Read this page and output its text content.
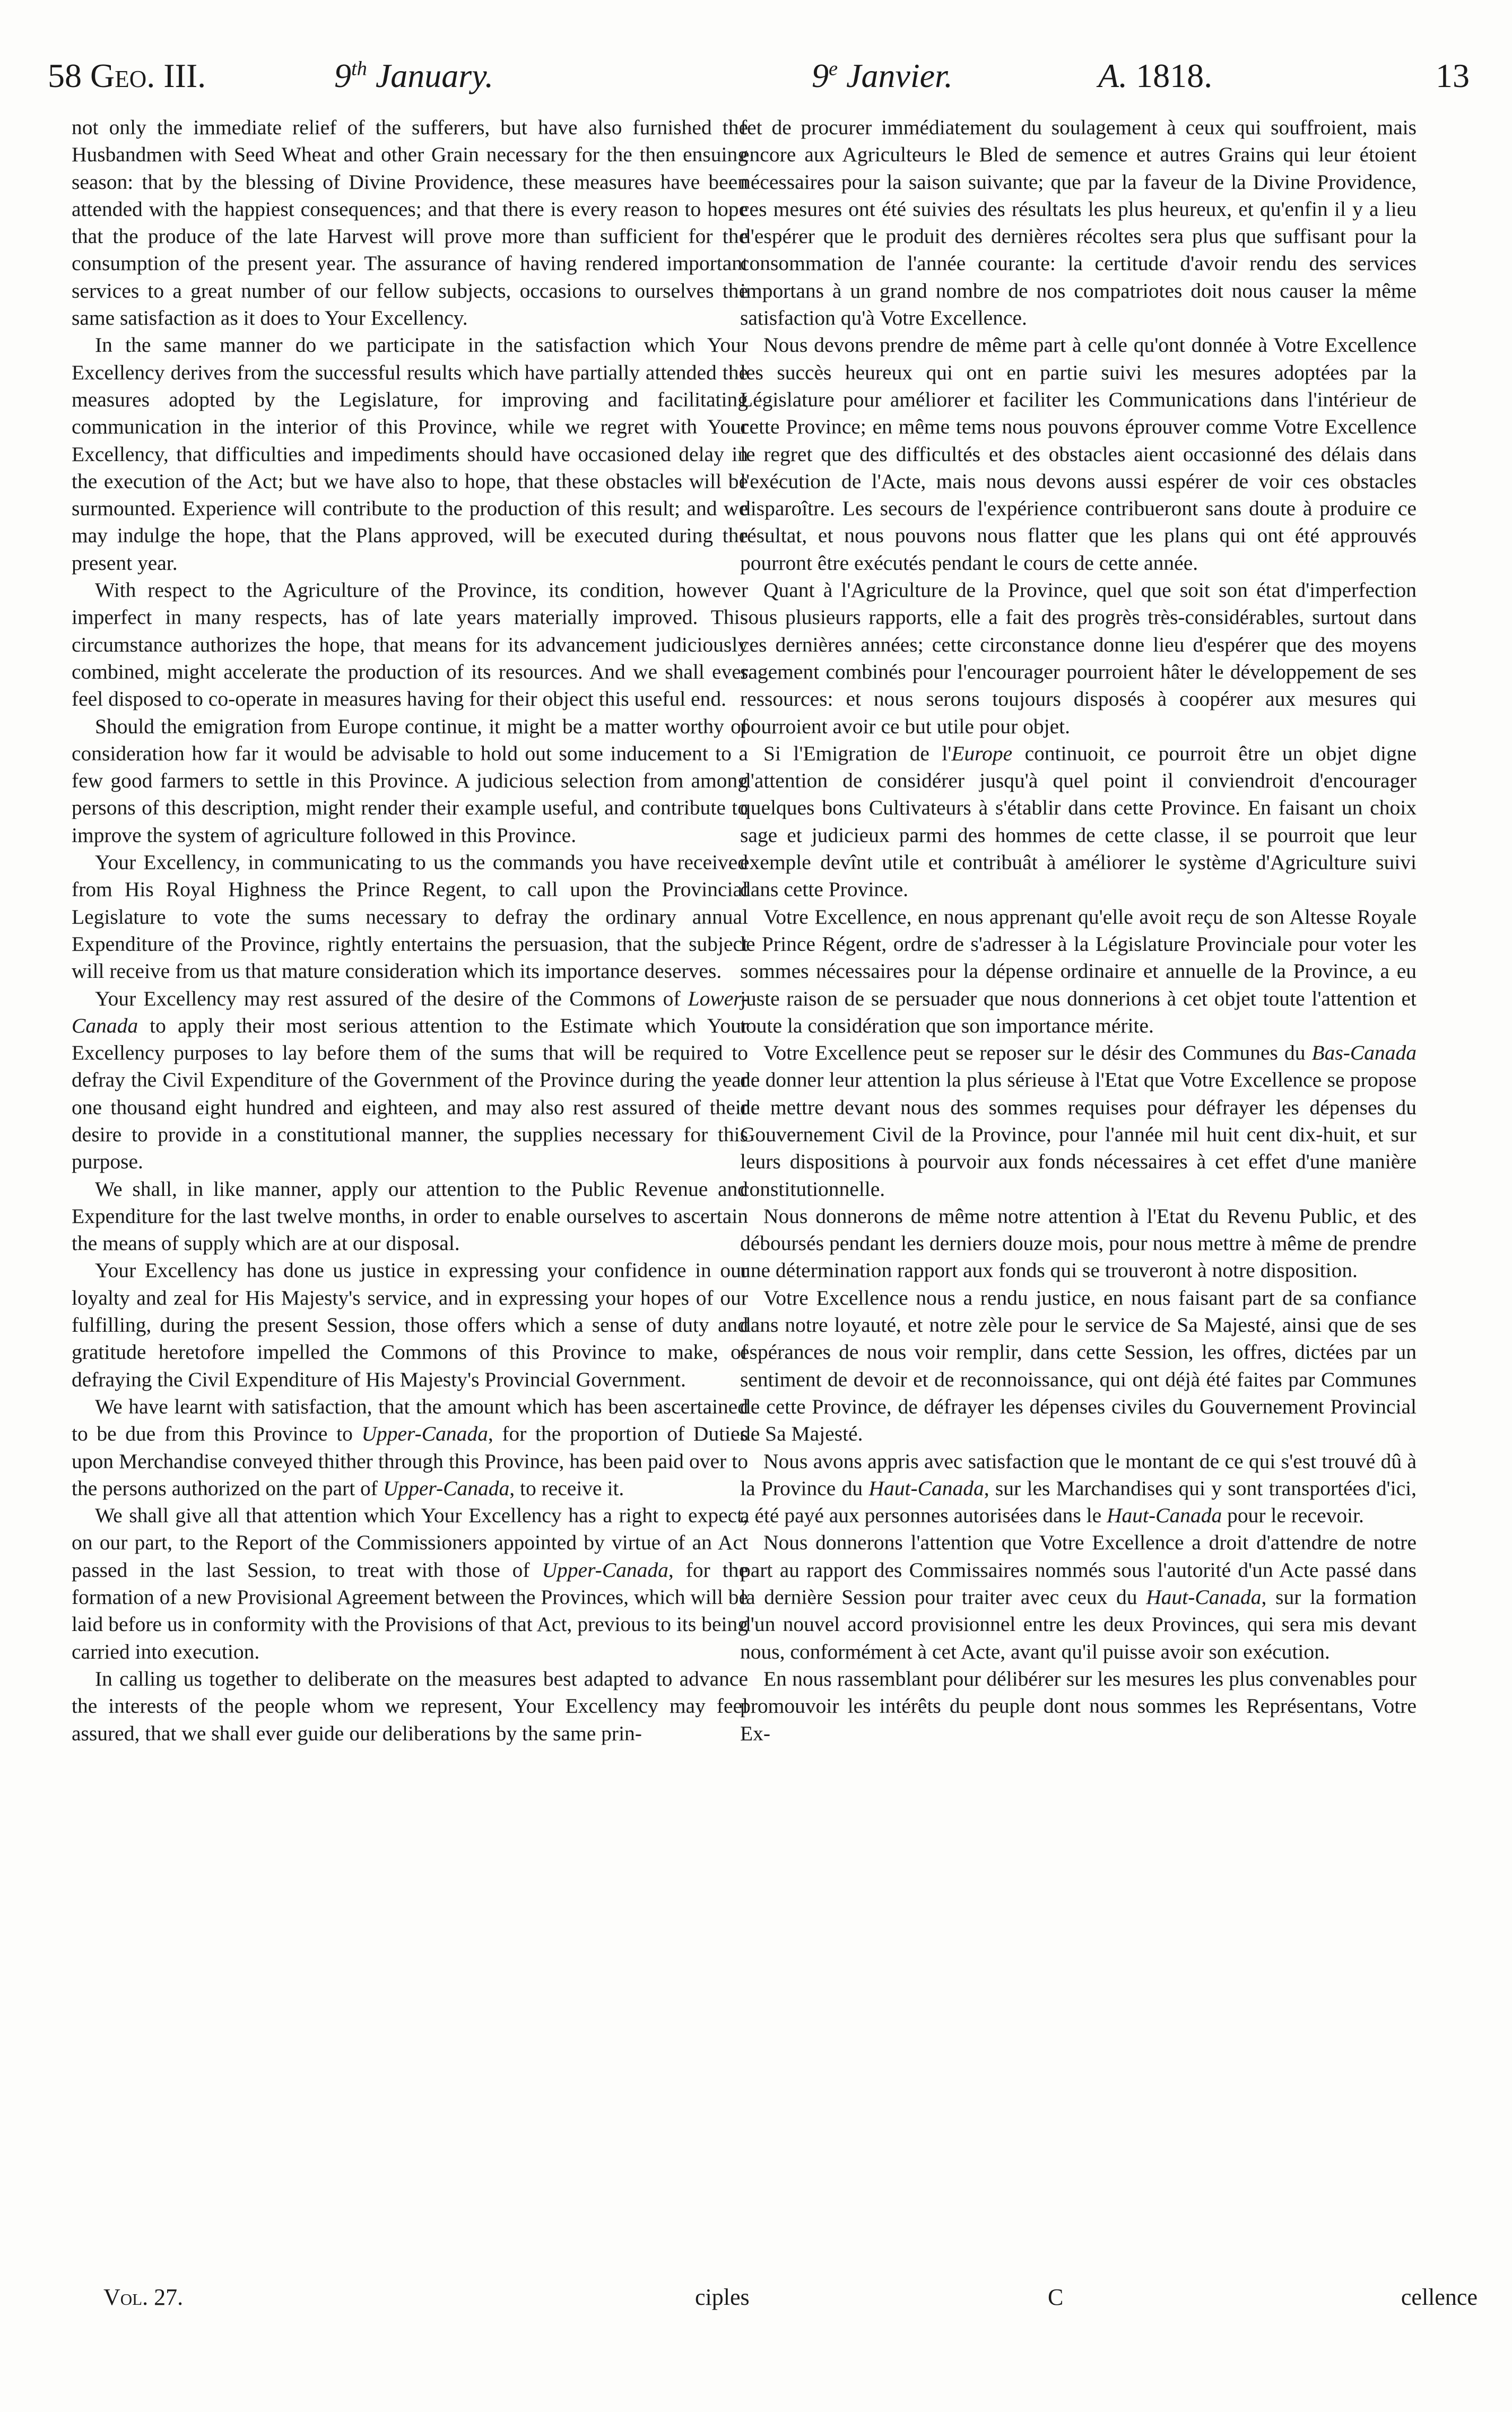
58 Geo. III.	9th January.	9e Janvier.	A. 1818.	13

not only the immediate relief of the sufferers, but have also furnished the Husbandmen with Seed Wheat and other Grain necessary for the then ensuing season: that by the blessing of Divine Providence, these measures have been attended with the happiest consequences; and that there is every reason to hope that the produce of the late Harvest will prove more than sufficient for the consumption of the present year. The assurance of having rendered important services to a great number of our fellow subjects, occasions to ourselves the same satisfaction as it does to Your Excellency.

In the same manner do we participate in the satisfaction which Your Excellency derives from the successful results which have partially attended the measures adopted by the Legislature, for improving and facilitating communication in the interior of this Province, while we regret with Your Excellency, that difficulties and impediments should have occasioned delay in the execution of the Act; but we have also to hope, that these obstacles will be surmounted. Experience will contribute to the production of this result; and we may indulge the hope, that the Plans approved, will be executed during the present year.

With respect to the Agriculture of the Province, its condition, however imperfect in many respects, has of late years materially improved. This circumstance authorizes the hope, that means for its advancement judiciously combined, might accelerate the production of its resources. And we shall ever feel disposed to co-operate in measures having for their object this useful end.

Should the emigration from Europe continue, it might be a matter worthy of consideration how far it would be advisable to hold out some inducement to a few good farmers to settle in this Province. A judicious selection from among persons of this description, might render their example useful, and contribute to improve the system of agriculture followed in this Province.

Your Excellency, in communicating to us the commands you have received from His Royal Highness the Prince Regent, to call upon the Provincial Legislature to vote the sums necessary to defray the ordinary annual Expenditure of the Province, rightly entertains the persuasion, that the subject will receive from us that mature consideration which its importance deserves.

Your Excellency may rest assured of the desire of the Commons of Lower-Canada to apply their most serious attention to the Estimate which Your Excellency purposes to lay before them of the sums that will be required to defray the Civil Expenditure of the Government of the Province during the year one thousand eight hundred and eighteen, and may also rest assured of their desire to provide in a constitutional manner, the supplies necessary for this purpose.

We shall, in like manner, apply our attention to the Public Revenue and Expenditure for the last twelve months, in order to enable ourselves to ascertain the means of supply which are at our disposal.

Your Excellency has done us justice in expressing your confidence in our loyalty and zeal for His Majesty's service, and in expressing your hopes of our fulfilling, during the present Session, those offers which a sense of duty and gratitude heretofore impelled the Commons of this Province to make, of defraying the Civil Expenditure of His Majesty's Provincial Government.

We have learnt with satisfaction, that the amount which has been ascertained to be due from this Province to Upper-Canada, for the proportion of Duties upon Merchandise conveyed thither through this Province, has been paid over to the persons authorized on the part of Upper-Canada, to receive it.

We shall give all that attention which Your Excellency has a right to expect, on our part, to the Report of the Commissioners appointed by virtue of an Act passed in the last Session, to treat with those of Upper-Canada, for the formation of a new Provisional Agreement between the Provinces, which will be laid before us in conformity with the Provisions of that Act, previous to its being carried into execution.

In calling us together to deliberate on the measures best adapted to advance the interests of the people whom we represent, Your Excellency may feel assured, that we shall ever guide our deliberations by the same prin-

fet de procurer immédiatement du soulagement à ceux qui souffroient, mais encore aux Agriculteurs le Bled de semence et autres Grains qui leur étoient nécessaires pour la saison suivante; que par la faveur de la Divine Providence, ces mesures ont été suivies des résultats les plus heureux, et qu'enfin il y a lieu d'espérer que le produit des dernières récoltes sera plus que suffisant pour la consommation de l'année courante: la certitude d'avoir rendu des services importans à un grand nombre de nos compatriotes doit nous causer la même satisfaction qu'à Votre Excellence.

Nous devons prendre de même part à celle qu'ont donnée à Votre Excellence les succès heureux qui ont en partie suivi les mesures adoptées par la Législature pour améliorer et faciliter les Communications dans l'intérieur de cette Province; en même tems nous pouvons éprouver comme Votre Excellence le regret que des difficultés et des obstacles aient occasionné des délais dans l'exécution de l'Acte, mais nous devons aussi espérer de voir ces obstacles disparoître. Les secours de l'expérience contribueront sans doute à produire ce résultat, et nous pouvons nous flatter que les plans qui ont été approuvés pourront être exécutés pendant le cours de cette année.

Quant à l'Agriculture de la Province, quel que soit son état d'imperfection sous plusieurs rapports, elle a fait des progrès très-considérables, surtout dans ces dernières années; cette circonstance donne lieu d'espérer que des moyens sagement combinés pour l'encourager pourroient hâter le développement de ses ressources: et nous serons toujours disposés à coopérer aux mesures qui pourroient avoir ce but utile pour objet.

Si l'Emigration de l'Europe continuoit, ce pourroit être un objet digne d'attention de considérer jusqu'à quel point il conviendroit d'encourager quelques bons Cultivateurs à s'établir dans cette Province. En faisant un choix sage et judicieux parmi des hommes de cette classe, il se pourroit que leur exemple devînt utile et contribuât à améliorer le système d'Agriculture suivi dans cette Province.

Votre Excellence, en nous apprenant qu'elle avoit reçu de son Altesse Royale le Prince Régent, ordre de s'adresser à la Législature Provinciale pour voter les sommes nécessaires pour la dépense ordinaire et annuelle de la Province, a eu juste raison de se persuader que nous donnerions à cet objet toute l'attention et toute la considération que son importance mérite.

Votre Excellence peut se reposer sur le désir des Communes du Bas-Canada de donner leur attention la plus sérieuse à l'Etat que Votre Excellence se propose de mettre devant nous des sommes requises pour défrayer les dépenses du Gouvernement Civil de la Province, pour l'année mil huit cent dix-huit, et sur leurs dispositions à pourvoir aux fonds nécessaires à cet effet d'une manière constitutionnelle.

Nous donnerons de même notre attention à l'Etat du Revenu Public, et des déboursés pendant les derniers douze mois, pour nous mettre à même de prendre une détermination rapport aux fonds qui se trouveront à notre disposition.

Votre Excellence nous a rendu justice, en nous faisant part de sa confiance dans notre loyauté, et notre zèle pour le service de Sa Majesté, ainsi que de ses espérances de nous voir remplir, dans cette Session, les offres, dictées par un sentiment de devoir et de reconnoissance, qui ont déjà été faites par Communes de cette Province, de défrayer les dépenses civiles du Gouvernement Provincial de Sa Majesté.

Nous avons appris avec satisfaction que le montant de ce qui s'est trouvé dû à la Province du Haut-Canada, sur les Marchandises qui y sont transportées d'ici, a été payé aux personnes autorisées dans le Haut-Canada pour le recevoir.

Nous donnerons l'attention que Votre Excellence a droit d'attendre de notre part au rapport des Commissaires nommés sous l'autorité d'un Acte passé dans la dernière Session pour traiter avec ceux du Haut-Canada, sur la formation d'un nouvel accord provisionnel entre les deux Provinces, qui sera mis devant nous, conformément à cet Acte, avant qu'il puisse avoir son exécution.

En nous rassemblant pour délibérer sur les mesures les plus convenables pour promouvoir les intérêts du peuple dont nous sommes les Représentans, Votre Ex-

Vol. 27.	ciples	C	cellence
